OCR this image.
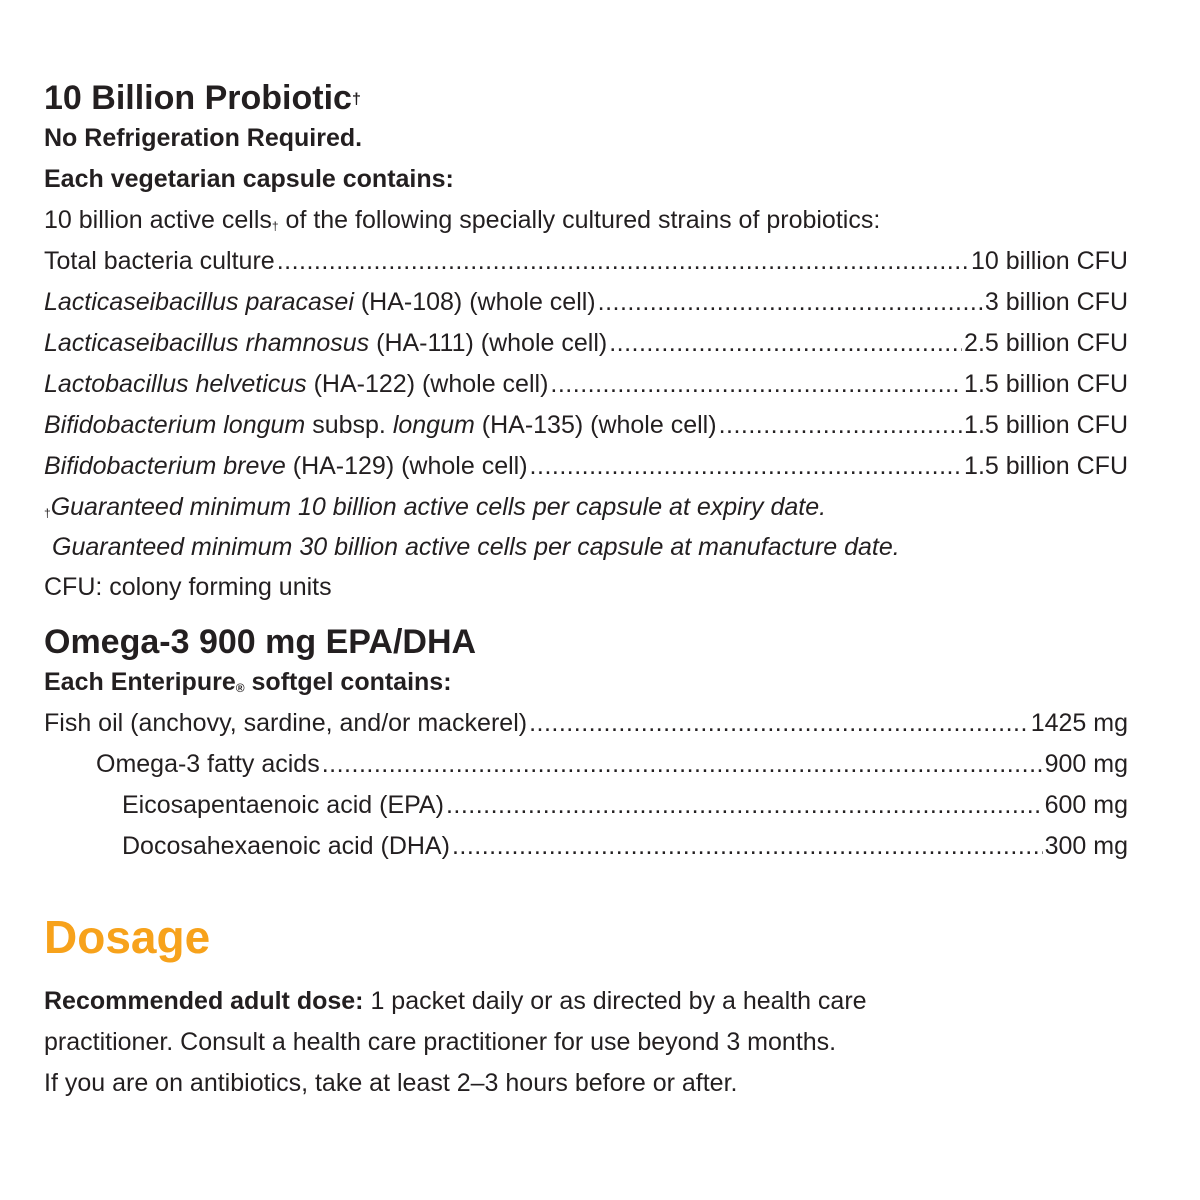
10 Billion Probiotic†

No Refrigeration Required.

Each vegetarian capsule contains:

10 billion active cells† of the following specially cultured strains of probiotics:

Total bacteria culture .....	10 billion CFU
Lacticaseibacillus paracasei (HA-108) (whole cell) .....	3 billion CFU
Lacticaseibacillus rhamnosus (HA-111) (whole cell) .....	2.5 billion CFU
Lactobacillus helveticus (HA-122) (whole cell) .....	1.5 billion CFU
Bifidobacterium longum subsp. longum (HA-135) (whole cell) .....	1.5 billion CFU
Bifidobacterium breve (HA-129) (whole cell) .....	1.5 billion CFU

†Guaranteed minimum 10 billion active cells per capsule at expiry date.

Guaranteed minimum 30 billion active cells per capsule at manufacture date.

CFU: colony forming units

Omega-3 900 mg EPA/DHA

Each Enteripure® softgel contains:

Fish oil (anchovy, sardine, and/or mackerel) .....	1425 mg
Omega-3 fatty acids .....	900 mg
Eicosapentaenoic acid (EPA) .....	600 mg
Docosahexaenoic acid (DHA) .....	300 mg
Dosage

Recommended adult dose: 1 packet daily or as directed by a health care

practitioner. Consult a health care practitioner for use beyond 3 months.

If you are on antibiotics, take at least 2–3 hours before or after.
